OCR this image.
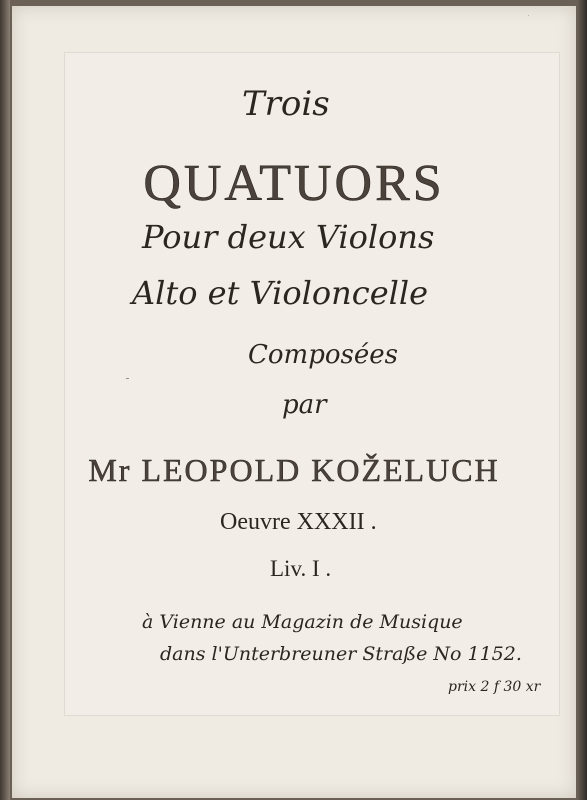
·
Trois
QUATUORS
Pour deux Violons
Alto et Violoncelle
Composées
par
Mr LEOPOLD KOŽELUCH
Oeuvre XXXII .
Liv. I .
à Vienne au Magazin de Musique
dans l'Unterbreuner Straße No 1152.
prix 2 f 30 xr
